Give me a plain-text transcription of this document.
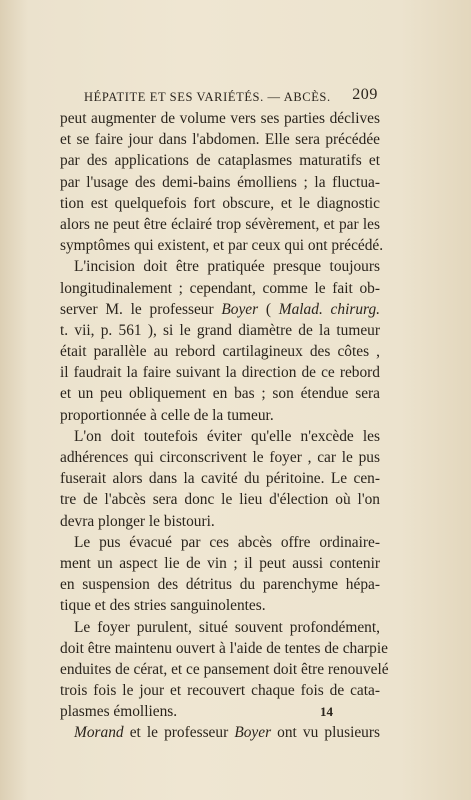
HÉPATITE ET SES VARIÉTÉS. — ABCÈS. 209
peut augmenter de volume vers ses parties déclives
et se faire jour dans l'abdomen. Elle sera précédée
par des applications de cataplasmes maturatifs et
par l'usage des demi-bains émolliens ; la fluctua-
tion est quelquefois fort obscure, et le diagnostic
alors ne peut être éclairé trop sévèrement, et par les
symptômes qui existent, et par ceux qui ont précédé.
L'incision doit être pratiquée presque toujours
longitudinalement ; cependant, comme le fait ob-
server M. le professeur Boyer ( Malad. chirurg.
t. vii, p. 561 ), si le grand diamètre de la tumeur
était parallèle au rebord cartilagineux des côtes ,
il faudrait la faire suivant la direction de ce rebord
et un peu obliquement en bas ; son étendue sera
proportionnée à celle de la tumeur.
L'on doit toutefois éviter qu'elle n'excède les
adhérences qui circonscrivent le foyer , car le pus
fuserait alors dans la cavité du péritoine. Le cen-
tre de l'abcès sera donc le lieu d'élection où l'on
devra plonger le bistouri.
Le pus évacué par ces abcès offre ordinaire-
ment un aspect lie de vin ; il peut aussi contenir
en suspension des détritus du parenchyme hépa-
tique et des stries sanguinolentes.
Le foyer purulent, situé souvent profondément,
doit être maintenu ouvert à l'aide de tentes de charpie
enduites de cérat, et ce pansement doit être renouvelé
trois fois le jour et recouvert chaque fois de cata-
plasmes émolliens.
Morand et le professeur Boyer ont vu plusieurs
14
